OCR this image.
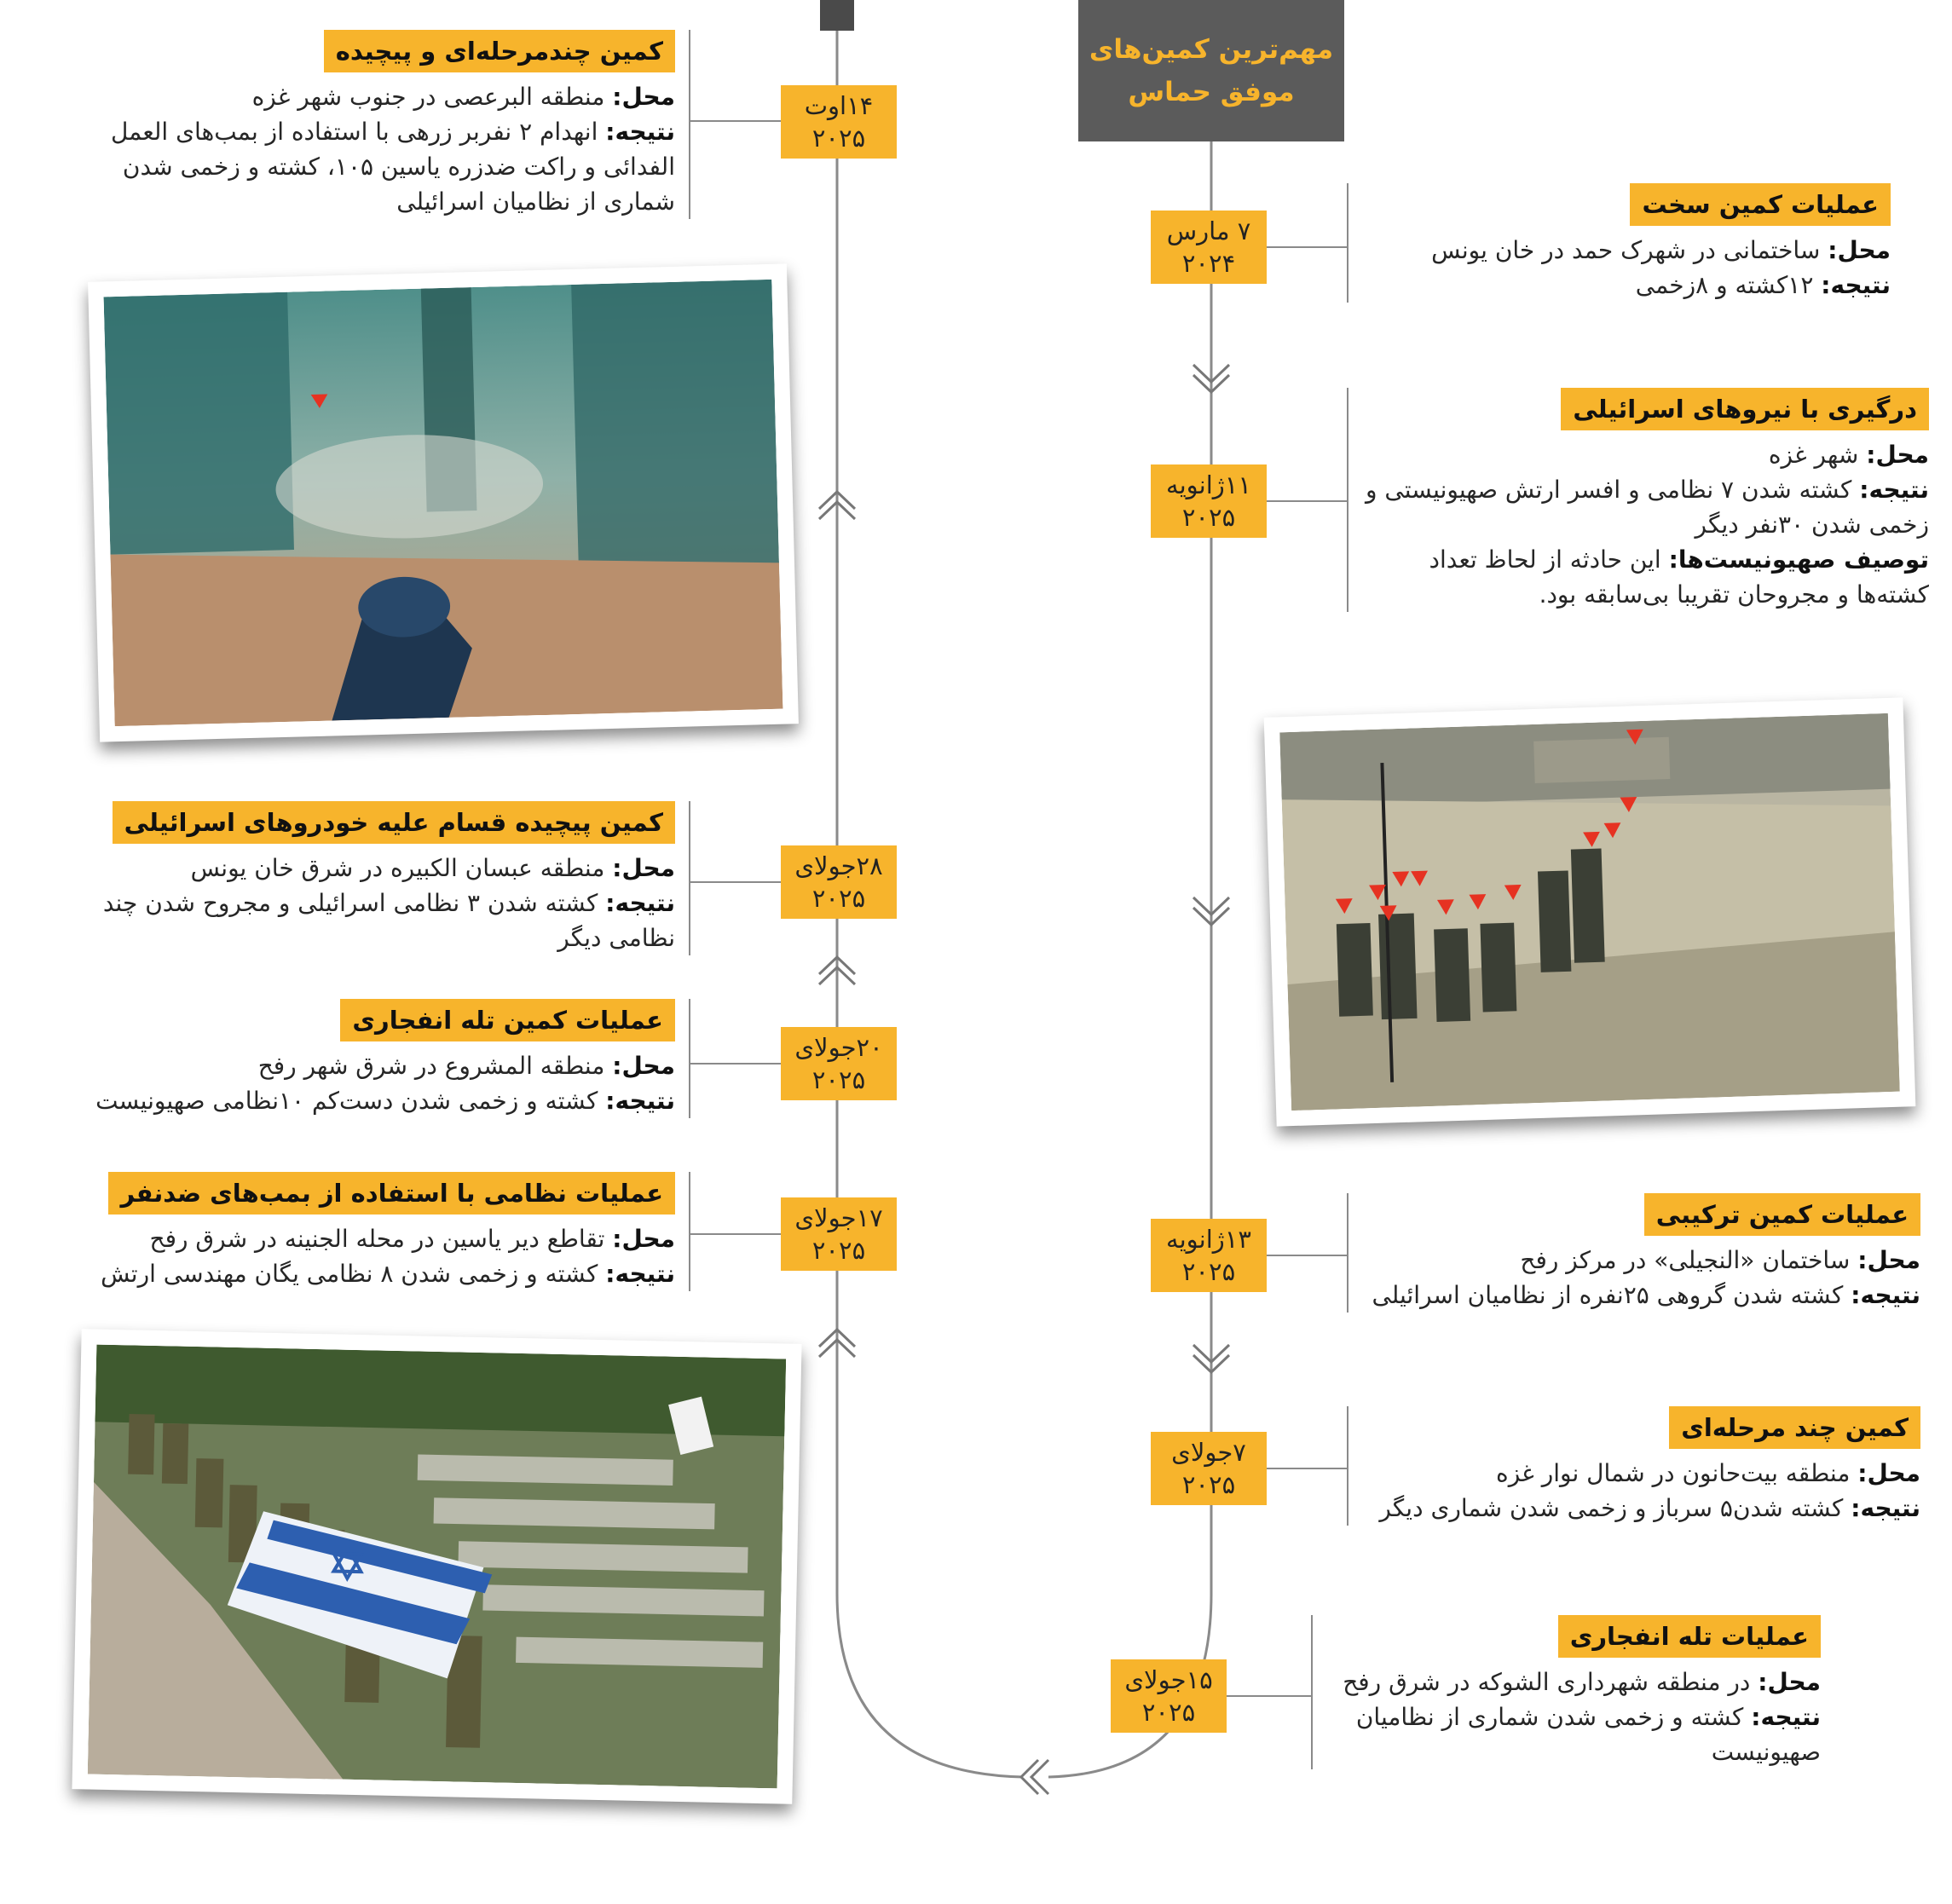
مهم‌ترین کمین‌های
موفق حماس
۷ مارس
۲۰۲۴
۱۱ژانویه
۲۰۲۵
۱۳ژانویه
۲۰۲۵
۷جولای
۲۰۲۵
۱۵جولای
۲۰۲۵
۱۴اوت
۲۰۲۵
۲۸جولای
۲۰۲۵
۲۰جولای
۲۰۲۵
۱۷جولای
۲۰۲۵
عملیات کمین سخت
محل: ساختمانی در شهرک حمد در خان یونس
نتیجه: ۱۲کشته و ۸زخمی
درگیری با نیروهای اسرائیلی
محل: شهر غزه
نتیجه: کشته شدن ۷ نظامی و افسر ارتش صهیونیستی و زخمی شدن ۳۰نفر دیگر
توصیف صهیونیست‌ها: این حادثه از لحاظ تعداد کشته‌ها و مجروحان تقریبا بی‌سابقه بود.
عملیات کمین ترکیبی
محل: ساختمان «النجیلی» در مرکز رفح
نتیجه: کشته شدن گروهی ۲۵نفره از نظامیان اسرائیلی
کمین چند مرحله‌ای
محل: منطقه بیت‌حانون در شمال نوار غزه
نتیجه: کشته شدن۵ سرباز و زخمی شدن شماری دیگر
عملیات تله انفجاری
محل: در منطقه شهرداری الشوکه در شرق رفح
نتیجه: کشته و زخمی شدن شماری از نظامیان صهیونیست
کمین چندمرحله‌ای و پیچیده
محل: منطقه البرعصی در جنوب شهر غزه
نتیجه: انهدام ۲ نفربر زرهی با استفاده از بمب‌های العمل الفدائی و راکت ضدزره یاسین ۱۰۵، کشته و زخمی شدن شماری از نظامیان اسرائیلی
کمین پیچیده قسام علیه خودروهای اسرائیلی
محل: منطقه عبسان الکبیره در شرق خان یونس
نتیجه: کشته شدن ۳ نظامی اسرائیلی و مجروح شدن چند نظامی دیگر
عملیات کمین تله انفجاری
محل: منطقه المشروع در شرق شهر رفح
نتیجه: کشته و زخمی شدن دست‌کم ۱۰نظامی صهیونیست
عملیات نظامی با استفاده از بمب‌های ضدنفر
محل: تقاطع دیر یاسین در محله الجنینه در شرق رفح
نتیجه: کشته و زخمی شدن ۸ نظامی یگان مهندسی ارتش
